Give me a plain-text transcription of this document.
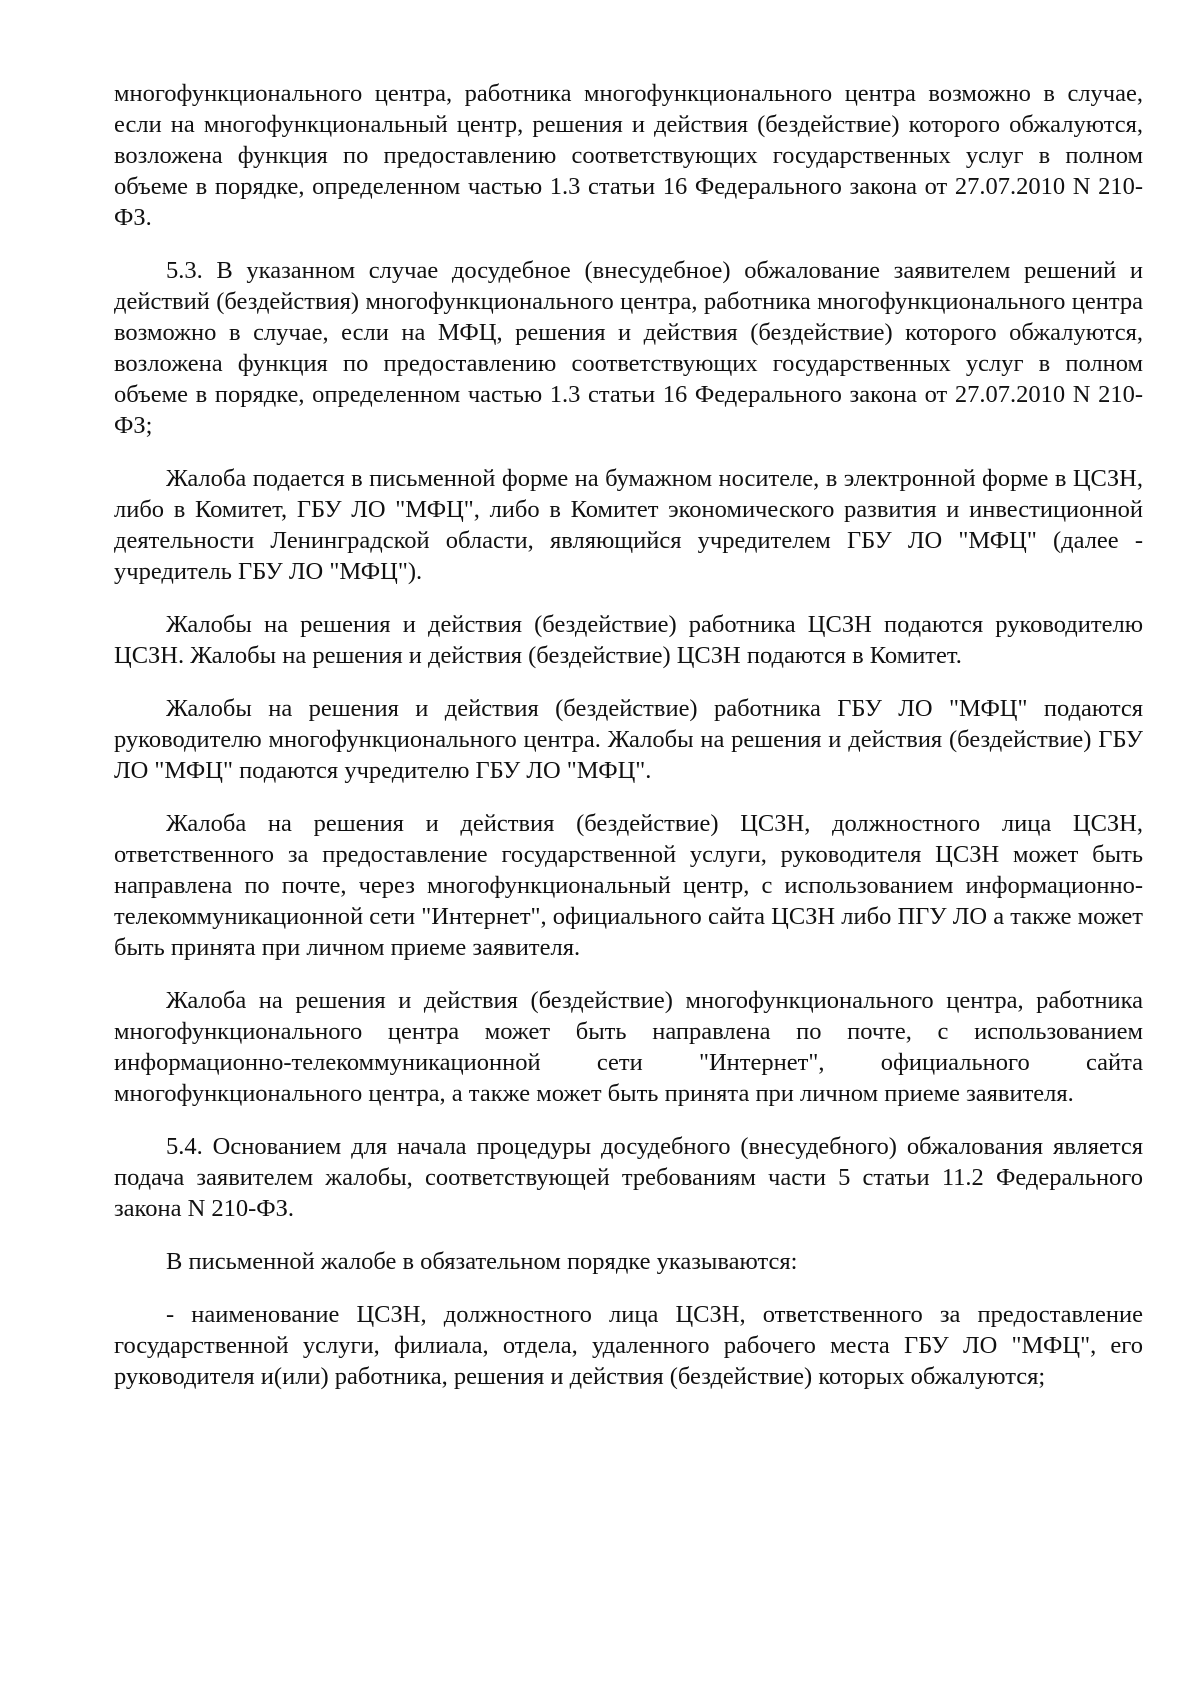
многофункционального центра, работника многофункционального центра возможно в случае, если на многофункциональный центр, решения и действия (бездействие) которого обжалуются, возложена функция по предоставлению соответствующих государственных услуг в полном объеме в порядке, определенном частью 1.3 статьи 16 Федерального закона от 27.07.2010 N 210-ФЗ.

5.3. В указанном случае досудебное (внесудебное) обжалование заявителем решений и действий (бездействия) многофункционального центра, работника многофункционального центра возможно в случае, если на МФЦ, решения и действия (бездействие) которого обжалуются, возложена функция по предоставлению соответствующих государственных услуг в полном объеме в порядке, определенном частью 1.3 статьи 16 Федерального закона от 27.07.2010 N 210-ФЗ;

Жалоба подается в письменной форме на бумажном носителе, в электронной форме в ЦСЗН, либо в Комитет, ГБУ ЛО "МФЦ", либо в Комитет экономического развития и инвестиционной деятельности Ленинградской области, являющийся учредителем ГБУ ЛО "МФЦ" (далее - учредитель ГБУ ЛО "МФЦ").

Жалобы на решения и действия (бездействие) работника ЦСЗН подаются руководителю ЦСЗН. Жалобы на решения и действия (бездействие) ЦСЗН подаются в Комитет.

Жалобы на решения и действия (бездействие) работника ГБУ ЛО "МФЦ" подаются руководителю многофункционального центра. Жалобы на решения и действия (бездействие) ГБУ ЛО "МФЦ" подаются учредителю ГБУ ЛО "МФЦ".

Жалоба на решения и действия (бездействие) ЦСЗН, должностного лица ЦСЗН, ответственного за предоставление государственной услуги, руководителя ЦСЗН может быть направлена по почте, через многофункциональный центр, с использованием информационно-телекоммуникационной сети "Интернет", официального сайта ЦСЗН либо ПГУ ЛО а также может быть принята при личном приеме заявителя.

Жалоба на решения и действия (бездействие) многофункционального центра, работника многофункционального центра может быть направлена по почте, с использованием информационно-телекоммуникационной сети "Интернет", официального сайта многофункционального центра, а также может быть принята при личном приеме заявителя.

5.4. Основанием для начала процедуры досудебного (внесудебного) обжалования является подача заявителем жалобы, соответствующей требованиям части 5 статьи 11.2 Федерального закона N 210-ФЗ.

В письменной жалобе в обязательном порядке указываются:

- наименование ЦСЗН, должностного лица ЦСЗН, ответственного за предоставление государственной услуги, филиала, отдела, удаленного рабочего места ГБУ ЛО "МФЦ", его руководителя и(или) работника, решения и действия (бездействие) которых обжалуются;
